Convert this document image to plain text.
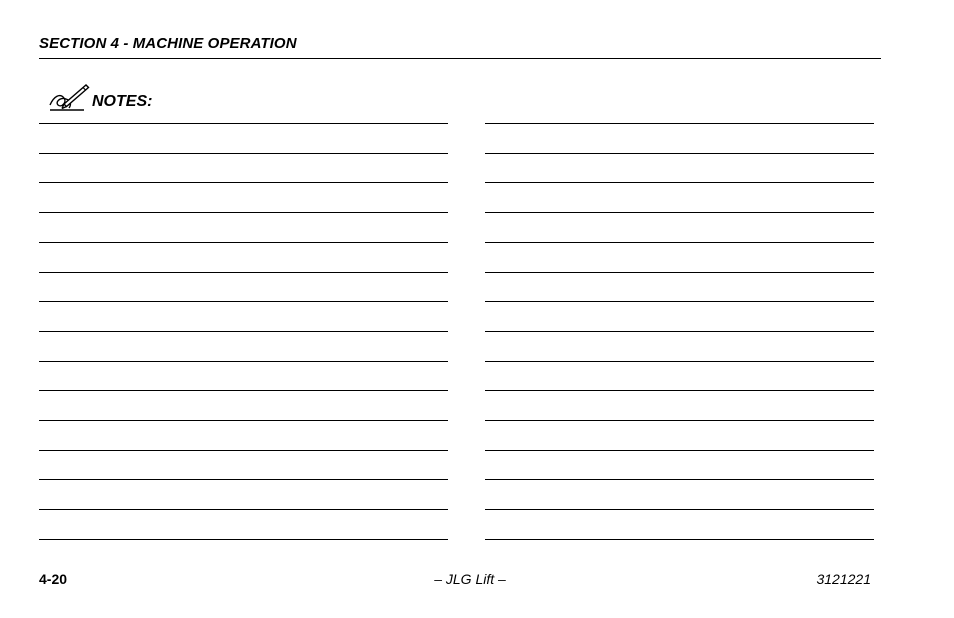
SECTION 4 - MACHINE OPERATION
NOTES:
4-20	– JLG Lift –	3121221
